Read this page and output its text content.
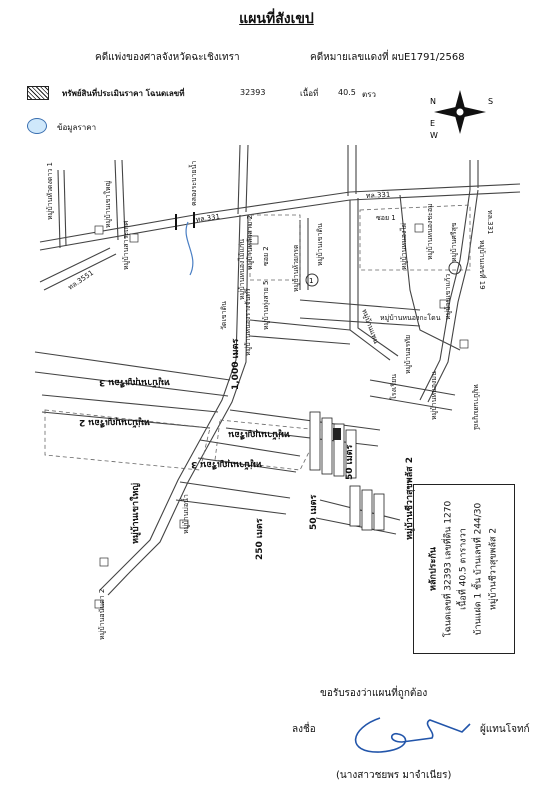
แผนที่สังเขป
คดีแพ่งของศาลจังหวัดฉะเชิงเทรา	คดีหมายเลขแดงที่ ผบE1791/2568
ทรัพย์สินที่ประเมินราคา โฉนดเลขที่	32393	เนื้อที่ 40.5 ตรว
ข้อมูลราคา
N	S
E
W
1
ทล.331
ทล.331
ทล.331
ทล.3551
คลองระบายน้ำ
หมู่บ้านหัวดงดาว 1	หมู่บ้านเขาใหญ่
หมู่บ้านสาระเกศ	หมู่บ้านหลักสาม 2
หมู่บ้านหนองไม้แก่น
หมู่บ้านทุ่งสาย 5
วัดเขาดิน
หมู่บ้านเขาดิน
หมู่บ้านห้วยกรด
หมู่บ้านแพน
หมู่บ้านหนองไผ่	หมู่บ้านหนองชะอม หมู่บ้านศรีสุข	หมู่บ้านเลขที่ 19
ซอย 1
หมู่บ้านเขาแก้ว
หมู่บ้านหนองกะโดน
หมู่บ้านอรทัย
โรงเรียน	หมู่บ้านหนองมน	หมู่บ้านสมบูรณ์
หมู่บ้านหนองรางจันทร์
หมู่บ้านบ่อน้ำ
หมู่บ้านอนันดา 2
ซอย 2
1,000 เมตร
250 เมตร
50 เมตร
50 เมตร
หมู่บ้านบุญเรือน 3
หมู่บ้านบุญเรือน 2
หมู่บ้านบุญเรือน 3
หมู่บ้านบุญเรือน
หมู่บ้านเขาใหญ่	หมู่บ้านชีวาสุขพลัส 2
หลักประกัน โฉนดเลขที่ 32393 เลขที่ดิน 1270 เนื้อที่ 40.5 ตารางวา บ้านแฝด 1 ชั้น บ้านเลขที่ 244/30 หมู่บ้านชีวาสุขพลัส 2
ขอรับรองว่าแผนที่ถูกต้อง
ลงชื่อ	ผู้แทนโจทก์
(นางสาวชยพร มาจำเนียร)
